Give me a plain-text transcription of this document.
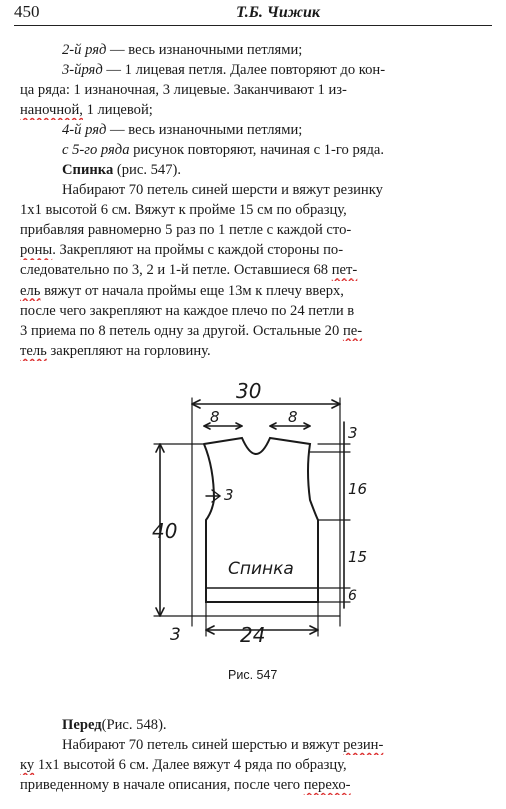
450	Т.Б. Чижик
2-й ряд — весь изнаночными петлями;
3-йряд — 1 лицевая петля. Далее повторяют до кон-
ца ряда: 1 изнаночная, 3 лицевые. Заканчивают 1 из-
наночной, 1 лицевой;
4-й ряд — весь изнаночными петлями;
с 5-го ряда рисунок повторяют, начиная с 1-го ряда.
Спинка (рис. 547).
Набирают 70 петель синей шерсти и вяжут резинку
1х1 высотой 6 см. Вяжут к пройме 15 см по образцу,
прибавляя равномерно 5 раз по 1 петле с каждой сто-
роны. Закрепляют на проймы с каждой стороны по-
следовательно по 3, 2 и 1-й петле. Оставшиеся 68 пет-
ель вяжут от начала проймы еще 13м к плечу вверх,
после чего закрепляют на каждое плечо по 24 петли в
3 приема по 8 петель одну за другой. Остальные 20 пе-
тель закрепляют на горловину.
30
8	8
3
3
16
15
6
40
3	24
Спинка
Рис. 547
Перед(Рис. 548).
Набирают 70 петель синей шерстью и вяжут резин-
ку 1х1 высотой 6 см. Далее вяжут 4 ряда по образцу,
приведенному в начале описания, после чего перехо-
